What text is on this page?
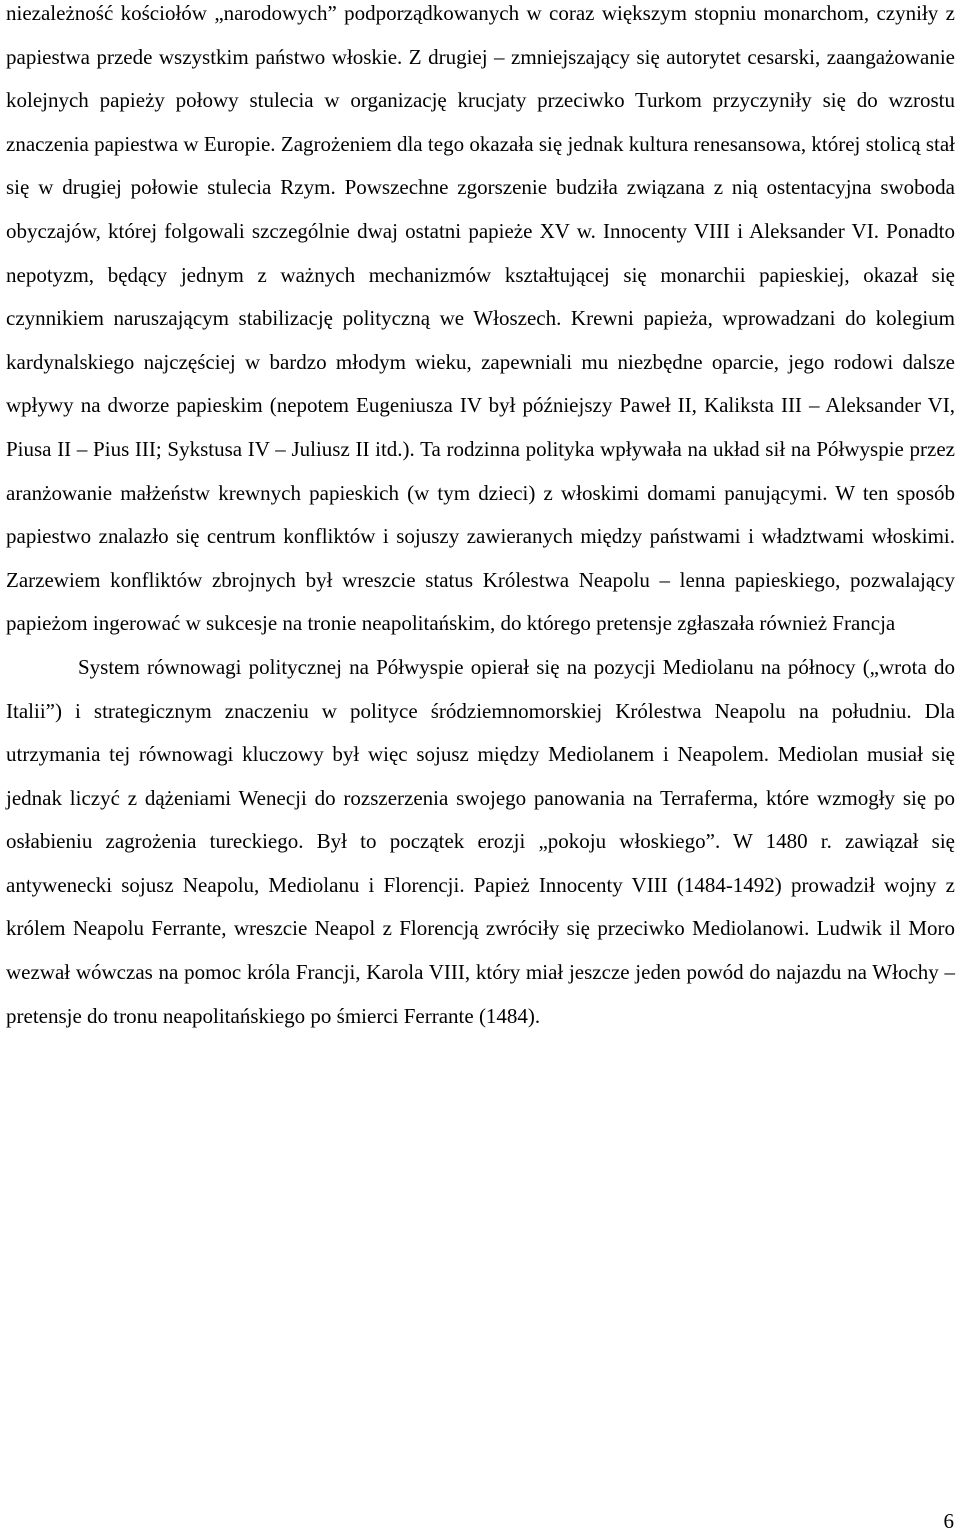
niezależność kościołów „narodowych” podporządkowanych w coraz większym stopniu monarchom, czyniły z papiestwa przede wszystkim państwo włoskie. Z drugiej – zmniejszający się autorytet cesarski, zaangażowanie kolejnych papieży połowy stulecia w organizację krucjaty przeciwko Turkom przyczyniły się do wzrostu znaczenia papiestwa w Europie. Zagrożeniem dla tego okazała się jednak kultura renesansowa, której stolicą stał się w drugiej połowie stulecia Rzym. Powszechne zgorszenie budziła związana z nią ostentacyjna swoboda obyczajów, której folgowali szczególnie dwaj ostatni papieże XV w. Innocenty VIII i Aleksander VI. Ponadto nepotyzm, będący jednym z ważnych mechanizmów kształtującej się monarchii papieskiej, okazał się czynnikiem naruszającym stabilizację polityczną we Włoszech. Krewni papieża, wprowadzani do kolegium kardynalskiego najczęściej w bardzo młodym wieku, zapewniali mu niezbędne oparcie, jego rodowi dalsze wpływy na dworze papieskim (nepotem Eugeniusza IV był późniejszy Paweł II, Kaliksta III – Aleksander VI, Piusa II – Pius III; Sykstusa IV – Juliusz II itd.). Ta rodzinna polityka wpływała na układ sił na Półwyspie przez aranżowanie małżeństw krewnych papieskich (w tym dzieci) z włoskimi domami panującymi. W ten sposób papiestwo znalazło się centrum konfliktów i sojuszy zawieranych między państwami i władztwami włoskimi. Zarzewiem konfliktów zbrojnych był wreszcie status Królestwa Neapolu – lenna papieskiego, pozwalający papieżom ingerować w sukcesje na tronie neapolitańskim, do którego pretensje zgłaszała również Francja

System równowagi politycznej na Półwyspie opierał się na pozycji Mediolanu na północy („wrota do Italii”) i strategicznym znaczeniu w polityce śródziemnomorskiej Królestwa Neapolu na południu. Dla utrzymania tej równowagi kluczowy był więc sojusz między Mediolanem i Neapolem. Mediolan musiał się jednak liczyć z dążeniami Wenecji do rozszerzenia swojego panowania na Terraferma, które wzmogły się po osłabieniu zagrożenia tureckiego. Był to początek erozji „pokoju włoskiego”. W 1480 r. zawiązał się antywenecki sojusz Neapolu, Mediolanu i Florencji. Papież Innocenty VIII (1484-1492) prowadził wojny z królem Neapolu Ferrante, wreszcie Neapol z Florencją zwróciły się przeciwko Mediolanowi. Ludwik il Moro wezwał wówczas na pomoc króla Francji, Karola VIII, który miał jeszcze jeden powód do najazdu na Włochy – pretensje do tronu neapolitańskiego po śmierci Ferrante (1484).

6
